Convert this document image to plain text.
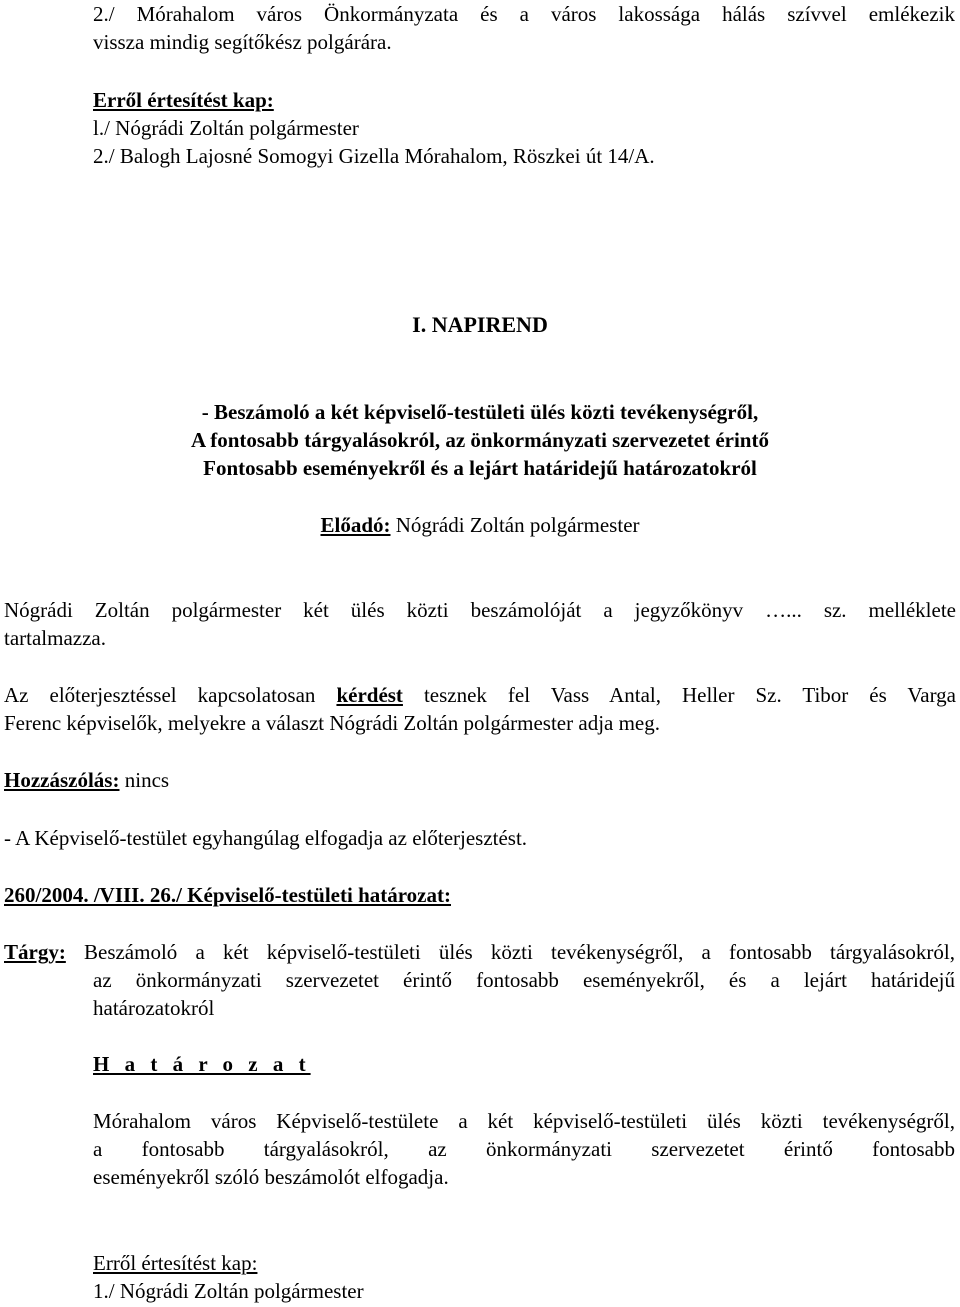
2./ Mórahalom város Önkormányzata és a város lakossága hálás szívvel emlékezik
vissza mindig segítőkész polgárára.
Erről értesítést kap:
l./ Nógrádi Zoltán polgármester
2./ Balogh Lajosné Somogyi Gizella Mórahalom, Röszkei út 14/A.
I. NAPIREND
- Beszámoló a két képviselő-testületi ülés közti tevékenységről,
A fontosabb tárgyalásokról, az önkormányzati szervezetet érintő
Fontosabb eseményekről és a lejárt határidejű határozatokról
Előadó: Nógrádi Zoltán polgármester
Nógrádi Zoltán polgármester két ülés közti beszámolóját a jegyzőkönyv …... sz. melléklete
tartalmazza.
Az előterjesztéssel kapcsolatosan kérdést tesznek fel Vass Antal, Heller Sz. Tibor és Varga
Ferenc képviselők, melyekre a választ Nógrádi Zoltán polgármester adja meg.
Hozzászólás: nincs
- A Képviselő-testület egyhangúlag elfogadja az előterjesztést.
260/2004. /VIII. 26./ Képviselő-testületi határozat:
Tárgy: Beszámoló a két képviselő-testületi ülés közti tevékenységről, a fontosabb tárgyalásokról,
az önkormányzati szervezetet érintő fontosabb eseményekről, és a lejárt határidejű
határozatokról
H a t á r o z a t
Mórahalom város Képviselő-testülete a két képviselő-testületi ülés közti tevékenységről,
a fontosabb tárgyalásokról, az önkormányzati szervezetet érintő fontosabb
eseményekről szóló beszámolót elfogadja.
Erről értesítést kap:
1./ Nógrádi Zoltán polgármester
